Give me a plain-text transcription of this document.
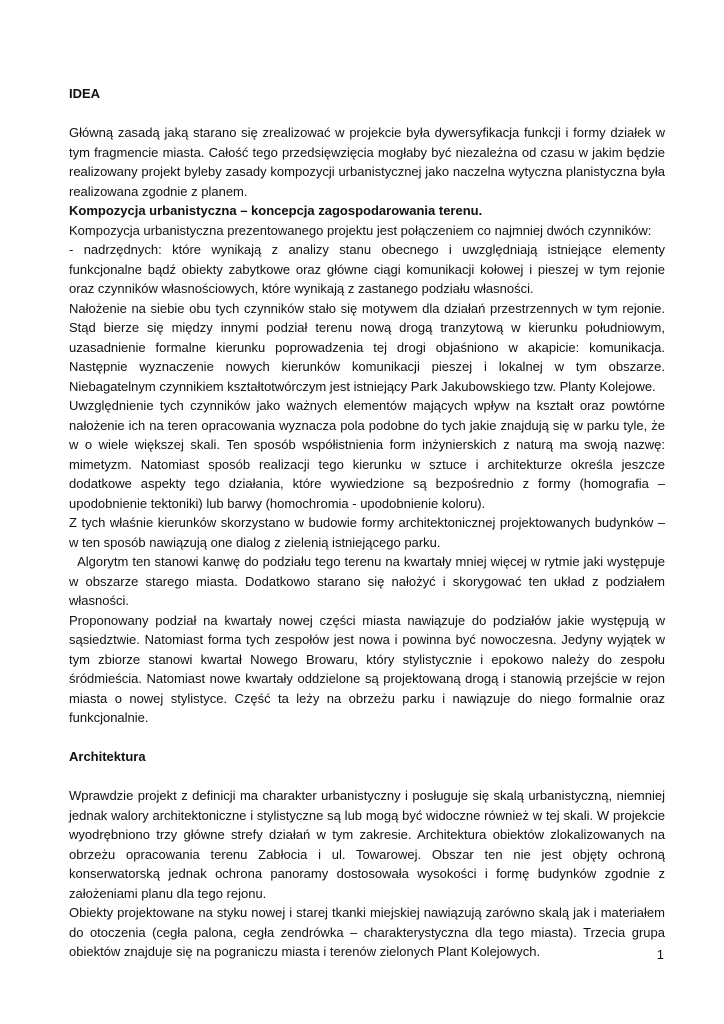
IDEA

Główną zasadą jaką starano się zrealizować w projekcie była dywersyfikacja funkcji i formy działek w tym fragmencie miasta. Całość tego przedsięwzięcia mogłaby być niezależna od czasu w jakim będzie realizowany projekt byleby zasady kompozycji urbanistycznej jako naczelna wytyczna planistyczna była realizowana zgodnie z planem.

Kompozycja urbanistyczna – koncepcja zagospodarowania terenu.

Kompozycja urbanistyczna prezentowanego projektu jest połączeniem co najmniej dwóch czynników:

- nadrzędnych: które wynikają z analizy stanu obecnego i uwzględniają istniejące elementy funkcjonalne bądź obiekty zabytkowe oraz główne ciągi komunikacji kołowej i pieszej w tym rejonie oraz czynników własnościowych, które wynikają z zastanego podziału własności.

Nałożenie na siebie obu tych czynników stało się motywem dla działań przestrzennych w tym rejonie. Stąd bierze się między innymi podział terenu nową drogą tranzytową w kierunku południowym, uzasadnienie formalne kierunku poprowadzenia tej drogi objaśniono w akapicie: komunikacja. Następnie wyznaczenie nowych kierunków komunikacji pieszej i lokalnej w tym obszarze. Niebagatelnym czynnikiem kształtotwórczym jest istniejący Park Jakubowskiego tzw. Planty Kolejowe.

Uwzględnienie tych czynników jako ważnych elementów mających wpływ na kształt oraz powtórne nałożenie ich na teren opracowania wyznacza pola podobne do tych jakie znajdują się w parku tyle, że w o wiele większej skali. Ten sposób współistnienia form inżynierskich z naturą ma swoją nazwę: mimetyzm. Natomiast sposób realizacji tego kierunku w sztuce i architekturze określa jeszcze dodatkowe aspekty tego działania, które wywiedzione są bezpośrednio z formy (homografia – upodobnienie tektoniki) lub barwy (homochromia - upodobnienie koloru).

Z tych właśnie kierunków skorzystano w budowie formy architektonicznej projektowanych budynków – w ten sposób nawiązują one dialog z zielenią istniejącego parku.

Algorytm ten stanowi kanwę do podziału tego terenu na kwartały mniej więcej w rytmie jaki występuje w obszarze starego miasta. Dodatkowo starano się nałożyć i skorygować ten układ z podziałem własności.

Proponowany podział na kwartały nowej części miasta nawiązuje do podziałów jakie występują w sąsiedztwie. Natomiast forma tych zespołów jest nowa i powinna być nowoczesna. Jedyny wyjątek w tym zbiorze stanowi kwartał Nowego Browaru, który stylistycznie i epokowo należy do zespołu śródmieścia. Natomiast nowe kwartały oddzielone są projektowaną drogą i stanowią przejście w rejon miasta o nowej stylistyce. Część ta leży na obrzeżu parku i nawiązuje do niego formalnie oraz funkcjonalnie.

Architektura

Wprawdzie projekt z definicji ma charakter urbanistyczny i posługuje się skalą urbanistyczną, niemniej jednak walory architektoniczne i stylistyczne są lub mogą być widoczne również w tej skali. W projekcie wyodrębniono trzy główne strefy działań w tym zakresie. Architektura obiektów zlokalizowanych na obrzeżu opracowania terenu Zabłocia i ul. Towarowej. Obszar ten nie jest objęty ochroną konserwatorską jednak ochrona panoramy dostosowała wysokości i formę budynków zgodnie z założeniami planu dla tego rejonu.

Obiekty projektowane na styku nowej i starej tkanki miejskiej nawiązują zarówno skalą jak i materiałem do otoczenia (cegła palona, cegła zendrówka – charakterystyczna dla tego miasta). Trzecia grupa obiektów znajduje się na pograniczu miasta i terenów zielonych Plant Kolejowych.	1
